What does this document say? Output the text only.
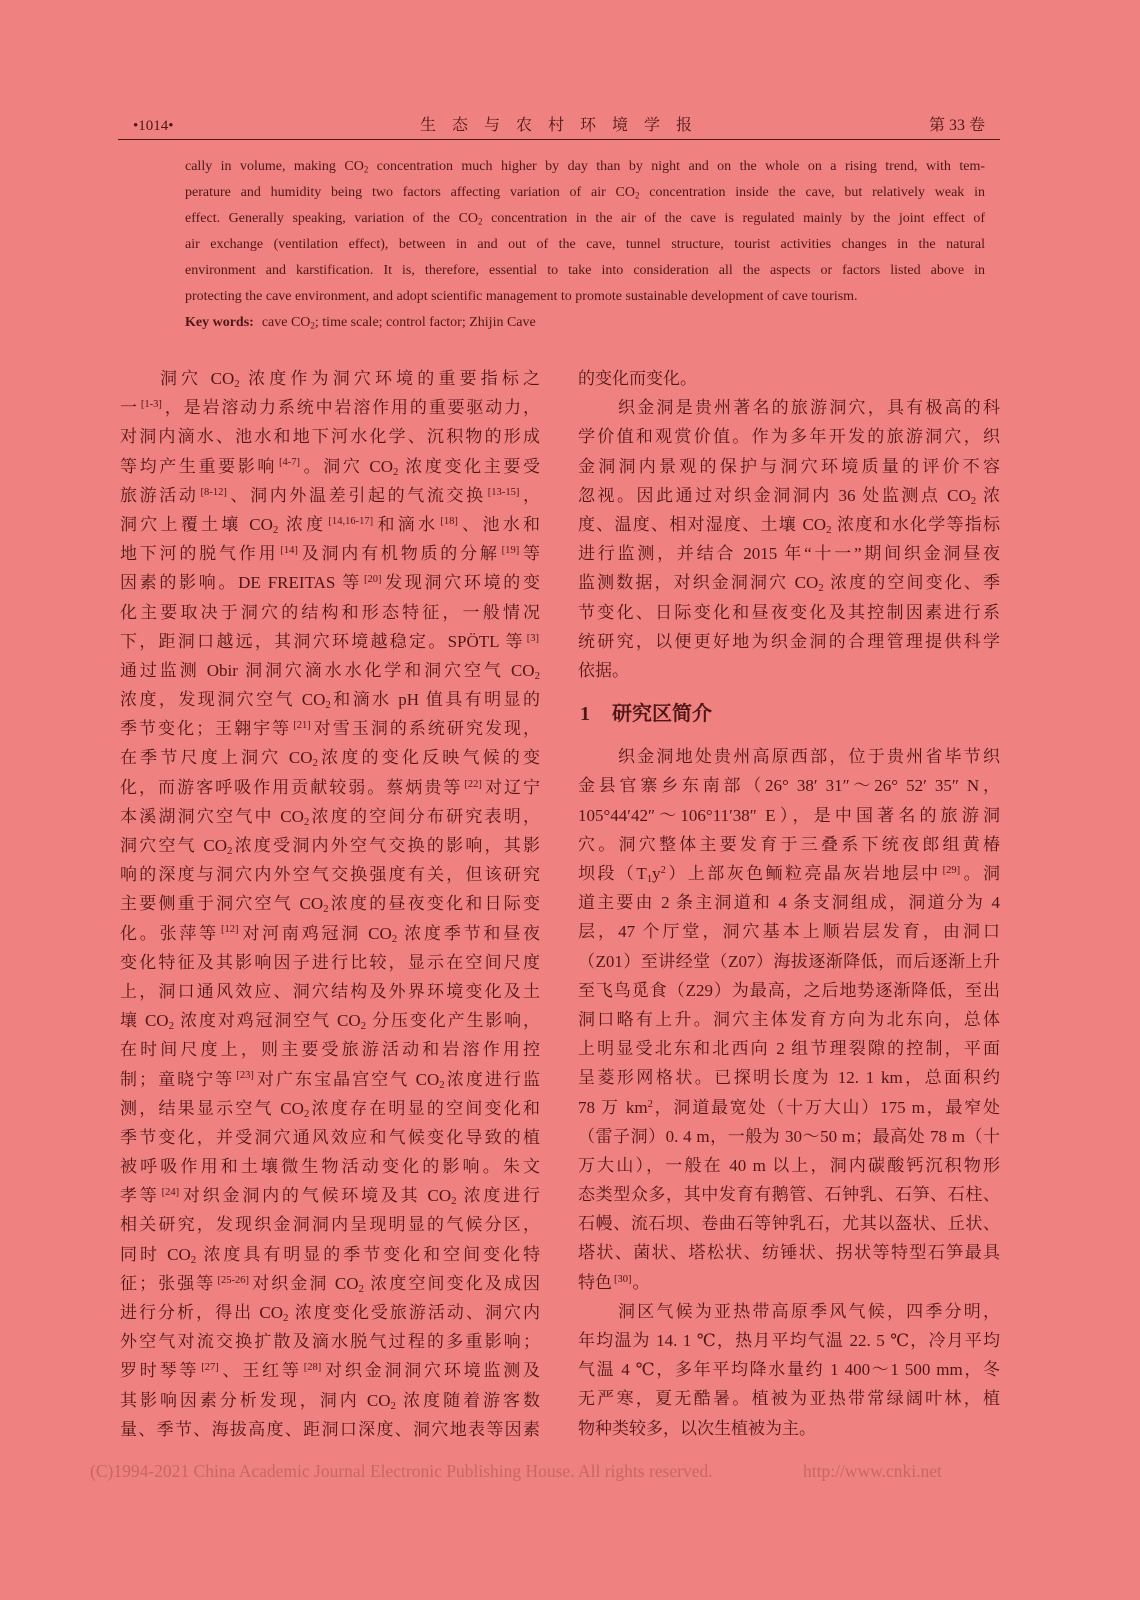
•1014•	生 态 与 农 村 环 境 学 报	第 33 卷
cally in volume, making $CO_2$ concentration much higher by day than by night and on the whole on a rising trend, with tem-
perature and humidity being two factors affecting variation of air $CO_2$ concentration inside the cave, but relatively weak in
effect. Generally speaking, variation of the $CO_2$ concentration in the air of the cave is regulated mainly by the joint effect of
air exchange (ventilation effect), between in and out of the cave, tunnel structure, tourist activities changes in the natural
environment and karstification. It is, therefore, essential to take into consideration all the aspects or factors listed above in
protecting the cave environment, and adopt scientific management to promote sustainable development of cave tourism.
Key words: cave $CO_2$; time scale; control factor; Zhijin Cave
洞穴 $CO_2$ 浓度作为洞穴环境的重要指标之
一 [1-3]，是岩溶动力系统中岩溶作用的重要驱动力，
对洞内滴水、池水和地下河水化学、沉积物的形成
等均产生重要影响 [4-7]。洞穴 $CO_2$ 浓度变化主要受
旅游活动 [8-12]、洞内外温差引起的气流交换 [13-15]，
洞穴上覆土壤 $CO_2$ 浓度 [14,16-17]和滴水 [18]、池水和
地下河的脱气作用 [14]及洞内有机物质的分解 [19]等
因素的影响。DE FREITAS 等 [20]发现洞穴环境的变
化主要取决于洞穴的结构和形态特征，一般情况
下，距洞口越远，其洞穴环境越稳定。SPÖTL 等 [3]
通过监测 Obir 洞洞穴滴水水化学和洞穴空气 $CO_2$
浓度，发现洞穴空气 $CO_2$和滴水 pH 值具有明显的
季节变化；王翱宇等 [21]对雪玉洞的系统研究发现，
在季节尺度上洞穴 $CO_2$浓度的变化反映气候的变
化，而游客呼吸作用贡献较弱。蔡炳贵等 [22]对辽宁
本溪湖洞穴空气中 $CO_2$浓度的空间分布研究表明，
洞穴空气 $CO_2$浓度受洞内外空气交换的影响，其影
响的深度与洞穴内外空气交换强度有关，但该研究
主要侧重于洞穴空气 $CO_2$浓度的昼夜变化和日际变
化。张萍等 [12]对河南鸡冠洞 $CO_2$ 浓度季节和昼夜
变化特征及其影响因子进行比较，显示在空间尺度
上，洞口通风效应、洞穴结构及外界环境变化及土
壤 $CO_2$ 浓度对鸡冠洞空气 $CO_2$ 分压变化产生影响，
在时间尺度上，则主要受旅游活动和岩溶作用控
制；童晓宁等 [23]对广东宝晶宫空气 $CO_2$浓度进行监
测，结果显示空气 $CO_2$浓度存在明显的空间变化和
季节变化，并受洞穴通风效应和气候变化导致的植
被呼吸作用和土壤微生物活动变化的影响。朱文
孝等 [24]对织金洞内的气候环境及其 $CO_2$ 浓度进行
相关研究，发现织金洞洞内呈现明显的气候分区，
同时 $CO_2$ 浓度具有明显的季节变化和空间变化特
征；张强等 [25-26]对织金洞 $CO_2$ 浓度空间变化及成因
进行分析，得出 $CO_2$ 浓度变化受旅游活动、洞穴内
外空气对流交换扩散及滴水脱气过程的多重影响；
罗时琴等 [27]、王红等 [28]对织金洞洞穴环境监测及
其影响因素分析发现，洞内 $CO_2$ 浓度随着游客数
量、季节、海拔高度、距洞口深度、洞穴地表等因素
的变化而变化。
织金洞是贵州著名的旅游洞穴，具有极高的科
学价值和观赏价值。作为多年开发的旅游洞穴，织
金洞洞内景观的保护与洞穴环境质量的评价不容
忽视。因此通过对织金洞洞内 36 处监测点 $CO_2$ 浓
度、温度、相对湿度、土壤 $CO_2$ 浓度和水化学等指标
进行监测，并结合 2015 年“十一”期间织金洞昼夜
监测数据，对织金洞洞穴 $CO_2$ 浓度的空间变化、季
节变化、日际变化和昼夜变化及其控制因素进行系
统研究，以便更好地为织金洞的合理管理提供科学
依据。
1 研究区简介
织金洞地处贵州高原西部，位于贵州省毕节织
金县官寨乡东南部（26° 38′ 31″～26° 52′ 35″ N，
105°44′42″～106°11′38″ E），是中国著名的旅游洞
穴。洞穴整体主要发育于三叠系下统夜郎组黄椿
坝段$(T_1y^2)$上部灰色鲕粒亮晶灰岩地层中 [29]。洞
道主要由 2 条主洞道和 4 条支洞组成，洞道分为 4
层，47 个厅堂，洞穴基本上顺岩层发育，由洞口
（Z01）至讲经堂（Z07）海拔逐渐降低，而后逐渐上升
至飞鸟觅食（Z29）为最高，之后地势逐渐降低，至出
洞口略有上升。洞穴主体发育方向为北东向，总体
上明显受北东和北西向 2 组节理裂隙的控制，平面
呈菱形网格状。已探明长度为 12. 1 km，总面积约
78 万 $km^2$，洞道最宽处（十万大山）175 m，最窄处
（雷子洞）0. 4 m，一般为 30～50 m；最高处 78 m（十
万大山），一般在 40 m 以上，洞内碳酸钙沉积物形
态类型众多，其中发育有鹅管、石钟乳、石笋、石柱、
石幔、流石坝、卷曲石等钟乳石，尤其以盔状、丘状、
塔状、菌状、塔松状、纺锤状、拐状等特型石笋最具
特色 [30]。
洞区气候为亚热带高原季风气候，四季分明，
年均温为 14. 1 ℃，热月平均气温 22. 5 ℃，冷月平均
气温 4 ℃，多年平均降水量约 1 400～1 500 mm，冬
无严寒，夏无酷暑。植被为亚热带常绿阔叶林，植
物种类较多，以次生植被为主。
(C)1994-2021 China Academic Journal Electronic Publishing House. All rights reserved.	http://www.cnki.net
